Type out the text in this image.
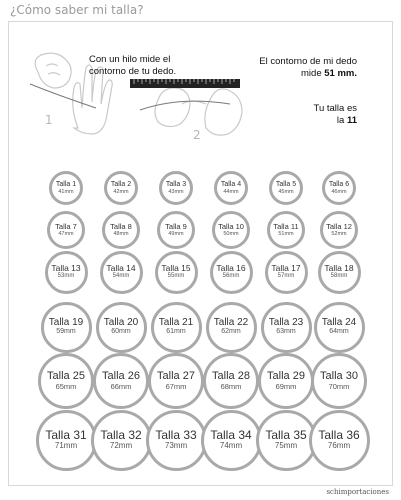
¿Cómo saber mi talla?
1
2
Con un hilo mide el
contorno de tu dedo.
El contorno de mi dedo
mide 51 mm.
Tu talla es
la 11
Talla 1
41mm
Talla 2
42mm
Talla 3
43mm
Talla 4
44mm
Talla 5
45mm
Talla 6
46mm
Talla 7
47mm
Talla 8
48mm
Talla 9
49mm
Talla 10
50mm
Talla 11
51mm
Talla 12
52mm
Talla 13
53mm
Talla 14
54mm
Talla 15
55mm
Talla 16
56mm
Talla 17
57mm
Talla 18
58mm
Talla 19
59mm
Talla 20
60mm
Talla 21
61mm
Talla 22
62mm
Talla 23
63mm
Talla 24
64mm
Talla 25
65mm
Talla 26
66mm
Talla 27
67mm
Talla 28
68mm
Talla 29
69mm
Talla 30
70mm
Talla 31
71mm
Talla 32
72mm
Talla 33
73mm
Talla 34
74mm
Talla 35
75mm
Talla 36
76mm
schimportaciones
